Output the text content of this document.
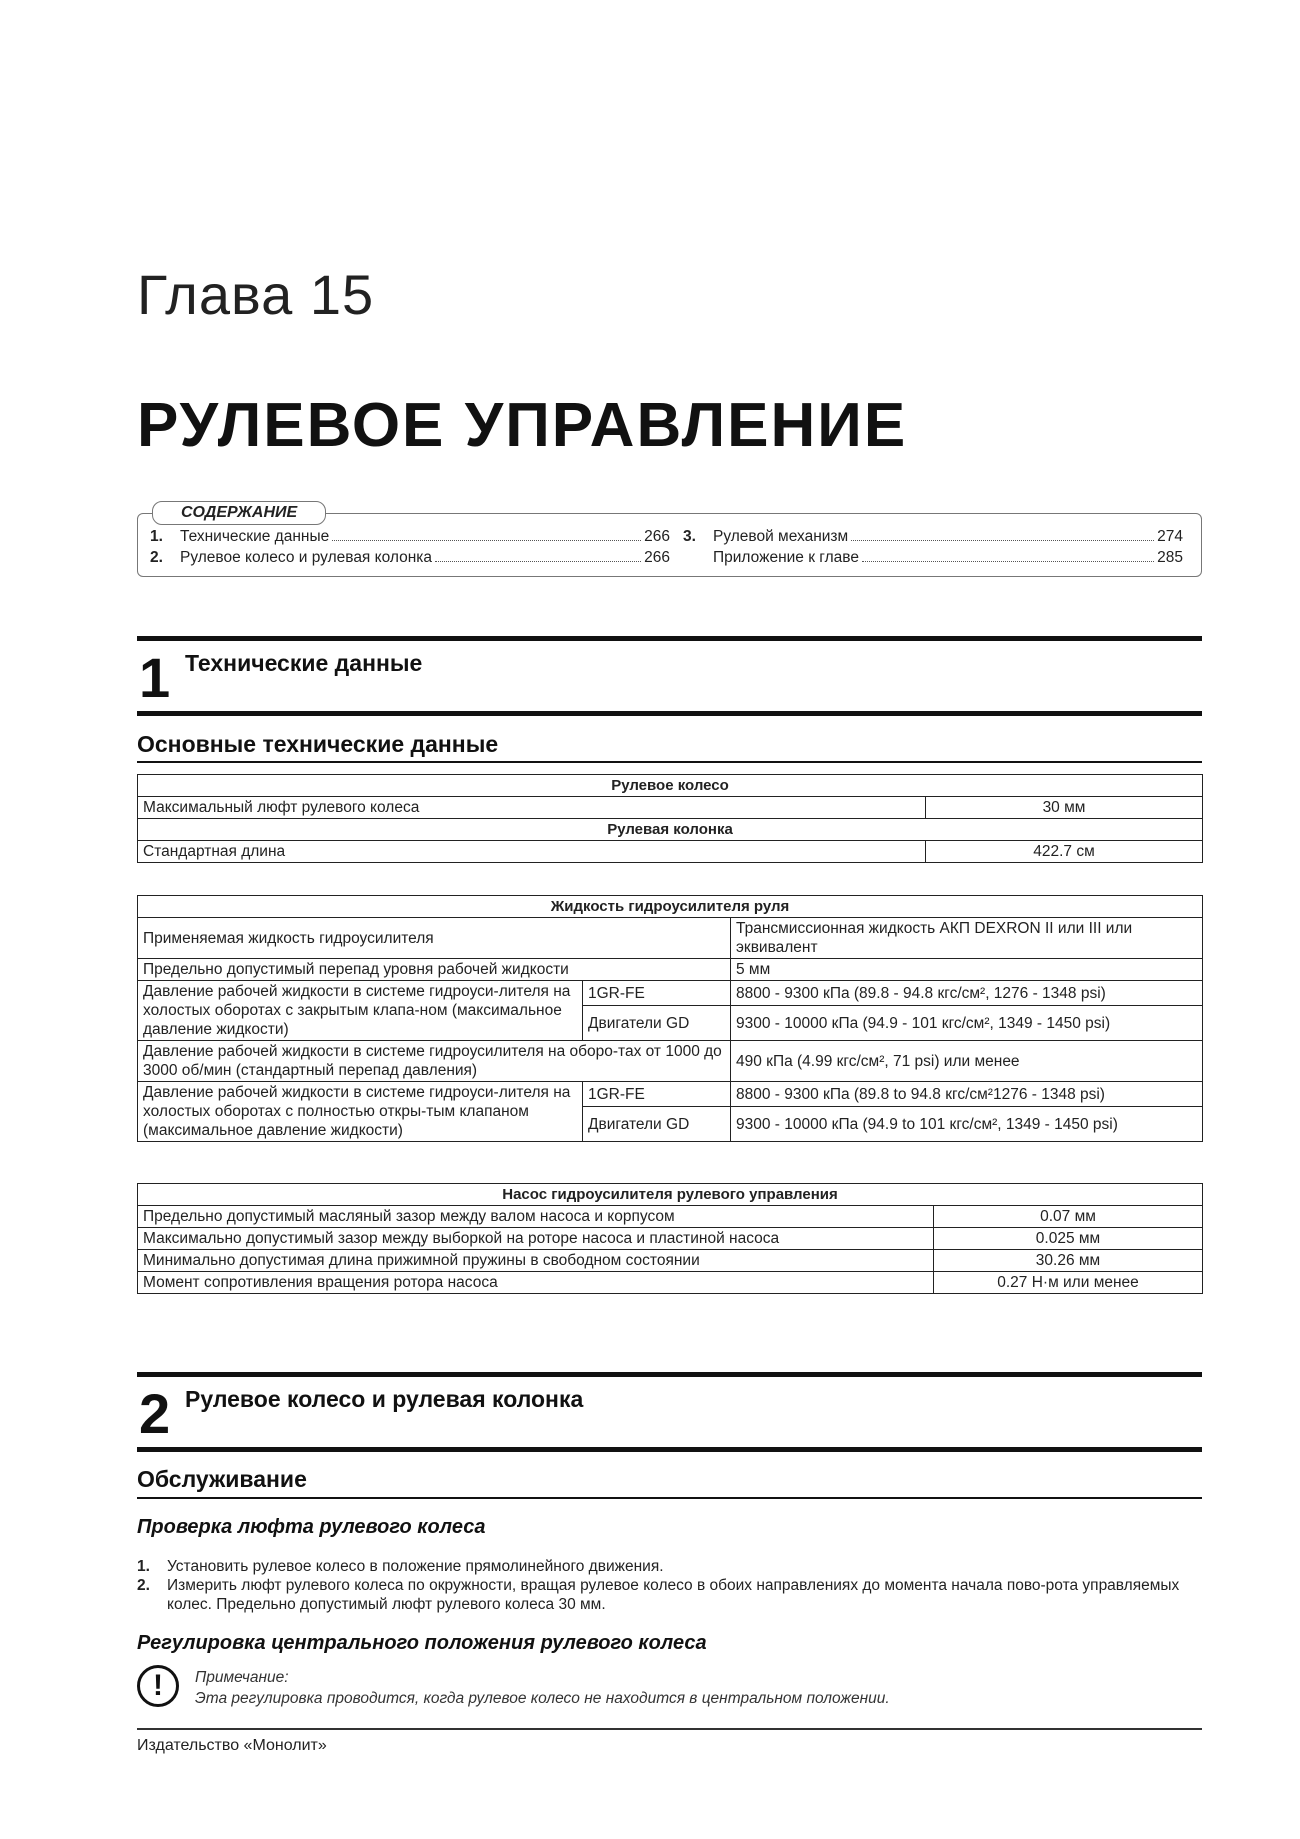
Глава 15
РУЛЕВОЕ УПРАВЛЕНИЕ
СОДЕРЖАНИЕ
1.	Технические данные	266
2.	Рулевое колесо и рулевая колонка	266
3.	Рулевой механизм	274
Приложение к главе	285
1 Технические данные
Основные технические данные
Рулевое колесо	
Максимальный люфт рулевого колеса	30 мм
Рулевая колонка	
Стандартная длина	422.7 см
Жидкость гидроусилителя руля		
Применяемая жидкость гидроусилителя		Трансмиссионная жидкость АКП DEXRON II или III или эквивалент
Предельно допустимый перепад уровня рабочей жидкости		5 мм
Давление рабочей жидкости в системе гидроуси-лителя на холостых оборотах с закрытым клапа-ном (максимальное давление жидкости)	1GR-FE	8800 - 9300 кПа (89.8 - 94.8 кгс/см², 1276 - 1348 psi)
	Двигатели GD	9300 - 10000 кПа (94.9 - 101 кгс/см², 1349 - 1450 psi)
Давление рабочей жидкости в системе гидроусилителя на оборо-тах от 1000 до 3000 об/мин (стандартный перепад давления)		490 кПа (4.99 кгс/см², 71 psi) или менее
Давление рабочей жидкости в системе гидроуси-лителя на холостых оборотах с полностью откры-тым клапаном (максимальное давление жидкости)	1GR-FE	8800 - 9300 кПа (89.8 to 94.8 кгс/см²1276 - 1348 psi)
	Двигатели GD	9300 - 10000 кПа (94.9 to 101 кгс/см², 1349 - 1450 psi)
Насос гидроусилителя рулевого управления	
Предельно допустимый масляный зазор между валом насоса и корпусом	0.07 мм
Максимально допустимый зазор между выборкой на роторе насоса и пластиной насоса	0.025 мм
Минимально допустимая длина прижимной пружины в свободном состоянии	30.26 мм
Момент сопротивления вращения ротора насоса	0.27 Н·м или менее
2 Рулевое колесо и рулевая колонка
Обслуживание
Проверка люфта рулевого колеса
1.	Установить рулевое колесо в положение прямолинейного движения.
2.	Измерить люфт рулевого колеса по окружности, вращая рулевое колесо в обоих направлениях до момента начала пово-рота управляемых колес. Предельно допустимый люфт рулевого колеса 30 мм.
Регулировка центрального положения рулевого колеса
!	Примечание:
Эта регулировка проводится, когда рулевое колесо не находится в центральном положении.
Издательство «Монолит»
